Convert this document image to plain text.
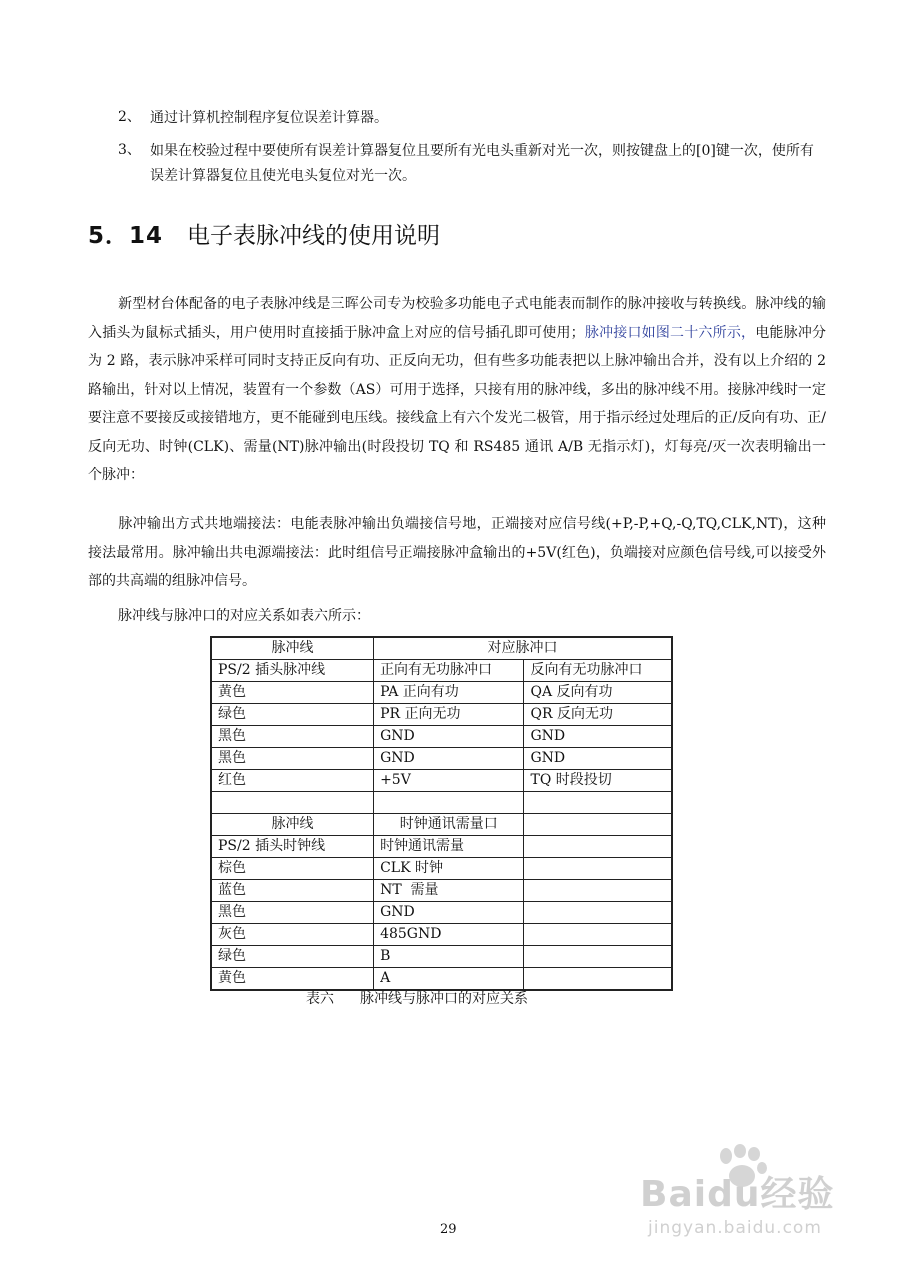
2、 通过计算机控制程序复位误差计算器。
3、 如果在校验过程中要使所有误差计算器复位且要所有光电头重新对光一次，则按键盘上的[0]键一次，使所有误差计算器复位且使光电头复位对光一次。
5．14 电子表脉冲线的使用说明
新型材台体配备的电子表脉冲线是三晖公司专为校验多功能电子式电能表而制作的脉冲接收与转换线。脉冲线的输入插头为鼠标式插头，用户使用时直接插于脉冲盒上对应的信号插孔即可使用；脉冲接口如图二十六所示，电能脉冲分为 2 路，表示脉冲采样可同时支持正反向有功、正反向无功，但有些多功能表把以上脉冲输出合并，没有以上介绍的 2 路输出，针对以上情况，装置有一个参数（AS）可用于选择，只接有用的脉冲线，多出的脉冲线不用。接脉冲线时一定要注意不要接反或接错地方，更不能碰到电压线。接线盒上有六个发光二极管，用于指示经过处理后的正/反向有功、正/反向无功、时钟(CLK)、需量(NT)脉冲输出(时段投切 TQ 和 RS485 通讯 A/B 无指示灯)，灯每亮/灭一次表明输出一个脉冲：
脉冲输出方式共地端接法：电能表脉冲输出负端接信号地，正端接对应信号线(+P,-P,+Q,-Q,TQ,CLK,NT)，这种接法最常用。脉冲输出共电源端接法：此时组信号正端接脉冲盒输出的+5V(红色)，负端接对应颜色信号线,可以接受外部的共高端的组脉冲信号。
脉冲线与脉冲口的对应关系如表六所示：
脉冲线	对应脉冲口	
PS/2 插头脉冲线	正向有无功脉冲口	反向有无功脉冲口
黄色	PA 正向有功	QA 反向有功
绿色	PR 正向无功	QR 反向无功
黑色	GND	GND
黑色	GND	GND
红色	+5V	TQ 时段投切

脉冲线	时钟通讯需量口	
PS/2 插头时钟线	时钟通讯需量	
棕色	CLK 时钟	
蓝色	NT  需量	
黑色	GND	
灰色	485GND	
绿色	B	
黄色	A	
表六 脉冲线与脉冲口的对应关系
29
Baidu经验
jingyan.baidu.com
